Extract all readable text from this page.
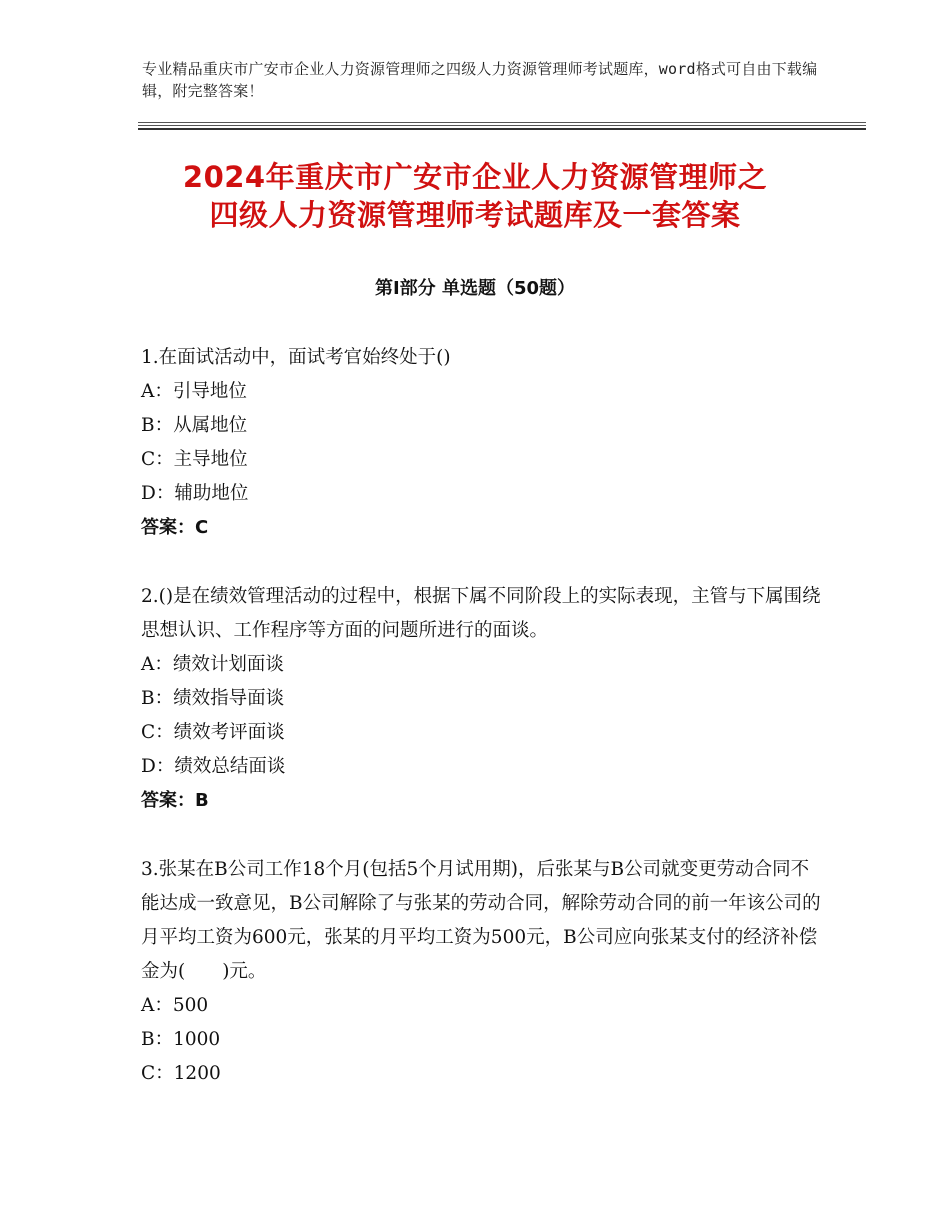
专业精品重庆市广安市企业人力资源管理师之四级人力资源管理师考试题库，word格式可自由下载编辑，附完整答案！
2024年重庆市广安市企业人力资源管理师之
四级人力资源管理师考试题库及一套答案
第Ⅰ部分 单选题（50题）

1.在面试活动中，面试考官始终处于()

A：引导地位

B：从属地位

C：主导地位

D：辅助地位

答案：C

2.()是在绩效管理活动的过程中，根据下属不同阶段上的实际表现，主管与下属围绕思想认识、工作程序等方面的问题所进行的面谈。

A：绩效计划面谈

B：绩效指导面谈

C：绩效考评面谈

D：绩效总结面谈

答案：B

3.张某在B公司工作18个月(包括5个月试用期)，后张某与B公司就变更劳动合同不能达成一致意见，B公司解除了与张某的劳动合同，解除劳动合同的前一年该公司的月平均工资为600元，张某的月平均工资为500元，B公司应向张某支付的经济补偿金为(　　)元。

A：500

B：1000

C：1200
